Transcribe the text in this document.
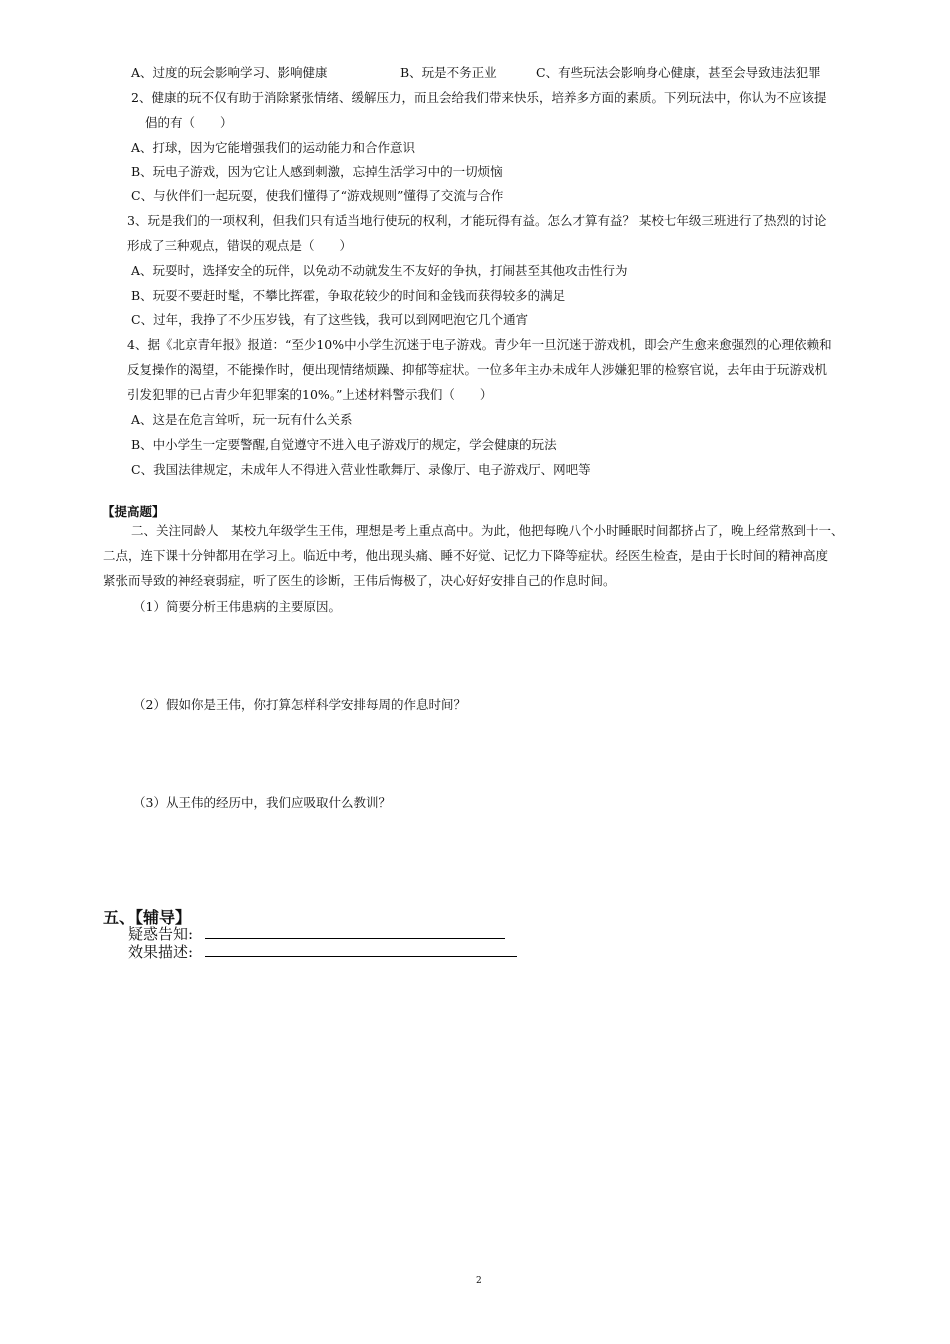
A、过度的玩会影响学习、影响健康	B、玩是不务正业	C、有些玩法会影响身心健康，甚至会导致违法犯罪
2、健康的玩不仅有助于消除紧张情绪、缓解压力，而且会给我们带来快乐，培养多方面的素质。下列玩法中，你认为不应该提
倡的有（　　）
A、打球，因为它能增强我们的运动能力和合作意识
B、玩电子游戏，因为它让人感到刺激，忘掉生活学习中的一切烦恼
C、与伙伴们一起玩耍，使我们懂得了“游戏规则”懂得了交流与合作
3、玩是我们的一项权利，但我们只有适当地行使玩的权利，才能玩得有益。怎么才算有益？ 某校七年级三班进行了热烈的讨论
形成了三种观点，错误的观点是（　　）
A、玩耍时，选择安全的玩伴，以免动不动就发生不友好的争执，打闹甚至其他攻击性行为
B、玩耍不要赶时髦，不攀比挥霍，争取花较少的时间和金钱而获得较多的满足
C、过年，我挣了不少压岁钱，有了这些钱，我可以到网吧泡它几个通宵
4、据《北京青年报》报道：“至少10%中小学生沉迷于电子游戏。青少年一旦沉迷于游戏机，即会产生愈来愈强烈的心理依赖和
反复操作的渴望，不能操作时，便出现情绪烦躁、抑郁等症状。一位多年主办未成年人涉嫌犯罪的检察官说，去年由于玩游戏机
引发犯罪的已占青少年犯罪案的10%。”上述材料警示我们（　　）
A、这是在危言耸听，玩一玩有什么关系
B、中小学生一定要警醒,自觉遵守不进入电子游戏厅的规定，学会健康的玩法
C、我国法律规定，未成年人不得进入营业性歌舞厅、录像厅、电子游戏厅、网吧等
【提高题】
二、关注同龄人　某校九年级学生王伟，理想是考上重点高中。为此，他把每晚八个小时睡眠时间都挤占了，晚上经常熬到十一、
二点，连下课十分钟都用在学习上。临近中考，他出现头痛、睡不好觉、记忆力下降等症状。经医生检查，是由于长时间的精神高度
紧张而导致的神经衰弱症，听了医生的诊断，王伟后悔极了，决心好好安排自己的作息时间。
（1）简要分析王伟患病的主要原因。
（2）假如你是王伟，你打算怎样科学安排每周的作息时间？
（3）从王伟的经历中，我们应吸取什么教训？
五、【辅导】
疑惑告知:
效果描述:
2
